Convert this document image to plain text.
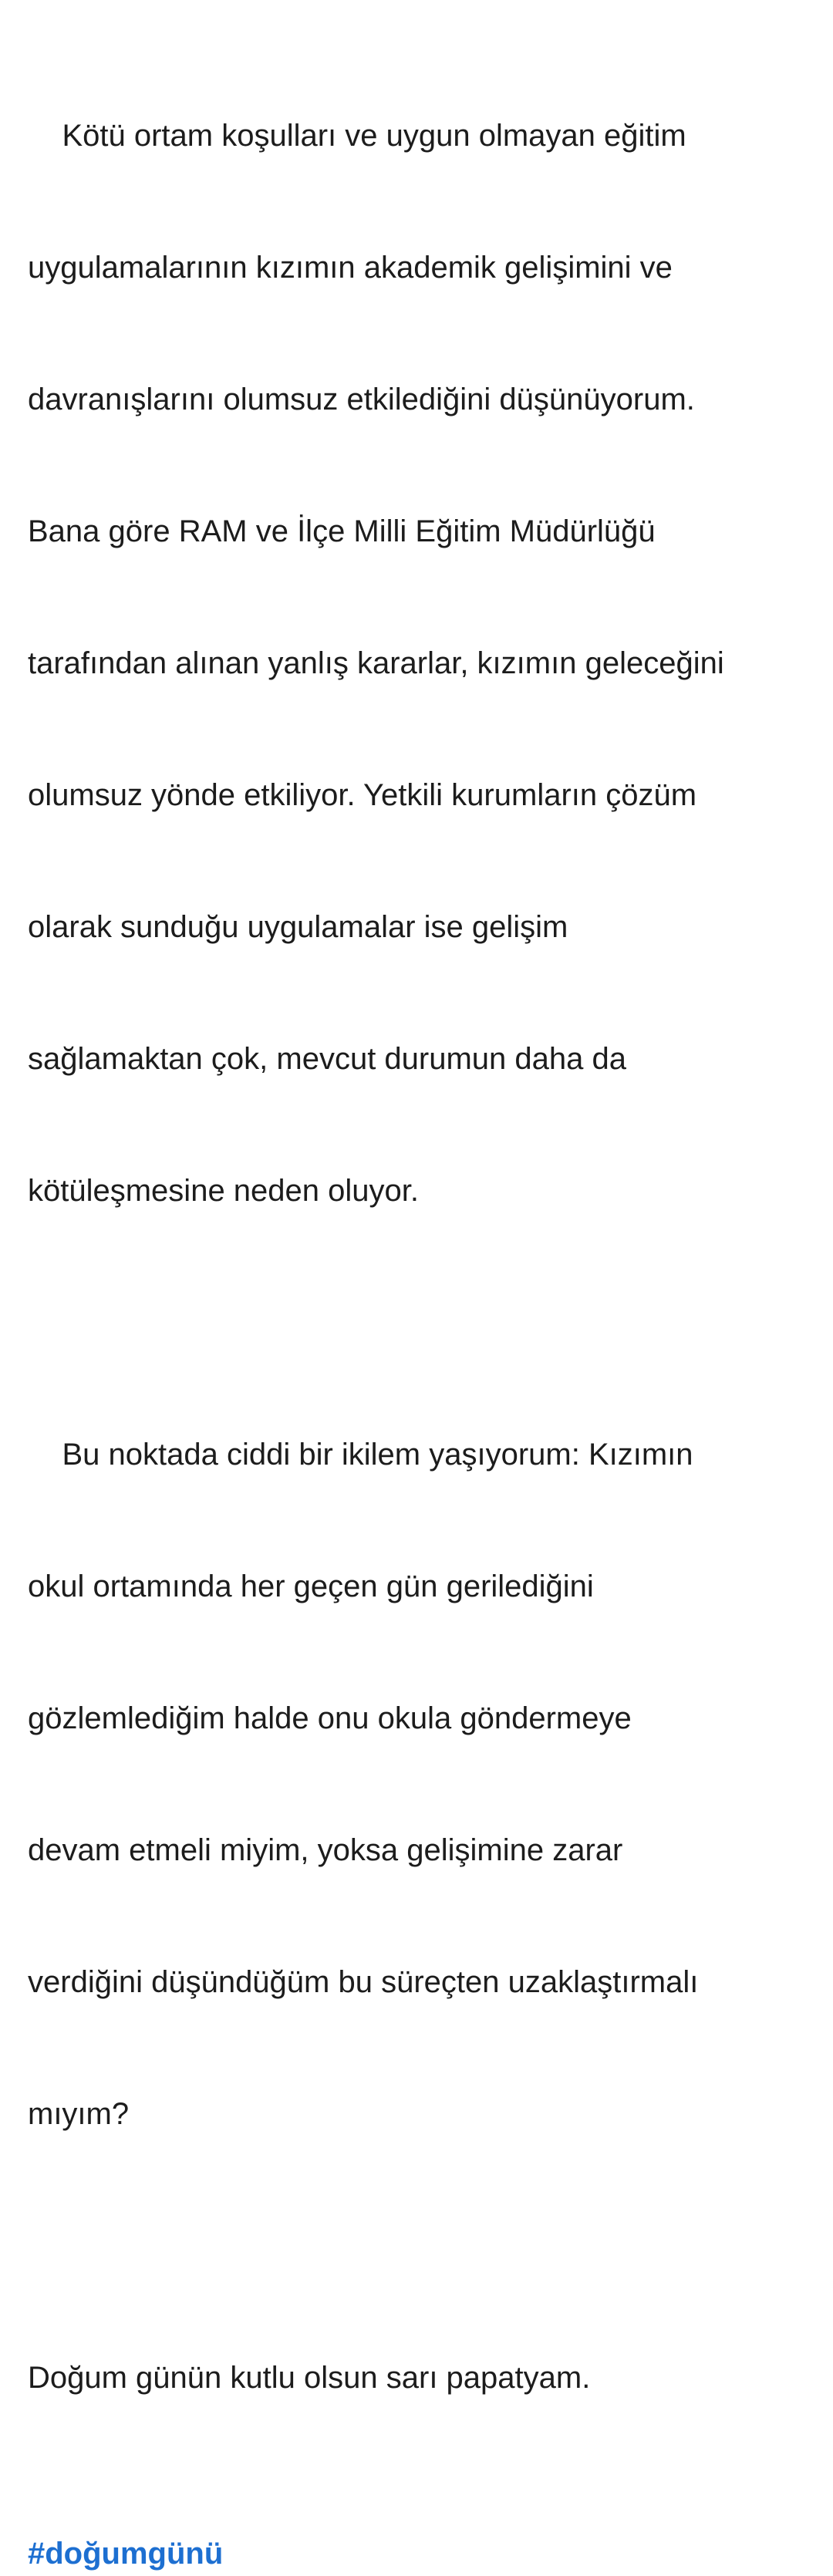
Kötü ortam koşulları ve uygun olmayan eğitim

uygulamalarının kızımın akademik gelişimini ve

davranışlarını olumsuz etkilediğini düşünüyorum.

Bana göre RAM ve İlçe Milli Eğitim Müdürlüğü

tarafından alınan yanlış kararlar, kızımın geleceğini

olumsuz yönde etkiliyor. Yetkili kurumların çözüm

olarak sunduğu uygulamalar ise gelişim

sağlamaktan çok, mevcut durumun daha da

kötüleşmesine neden oluyor.

Bu noktada ciddi bir ikilem yaşıyorum: Kızımın

okul ortamında her geçen gün gerilediğini

gözlemlediğim halde onu okula göndermeye

devam etmeli miyim, yoksa gelişimine zarar

verdiğini düşündüğüm bu süreçten uzaklaştırmalı

mıyım?

Doğum günün kutlu olsun sarı papatyam.

#doğumgünü
